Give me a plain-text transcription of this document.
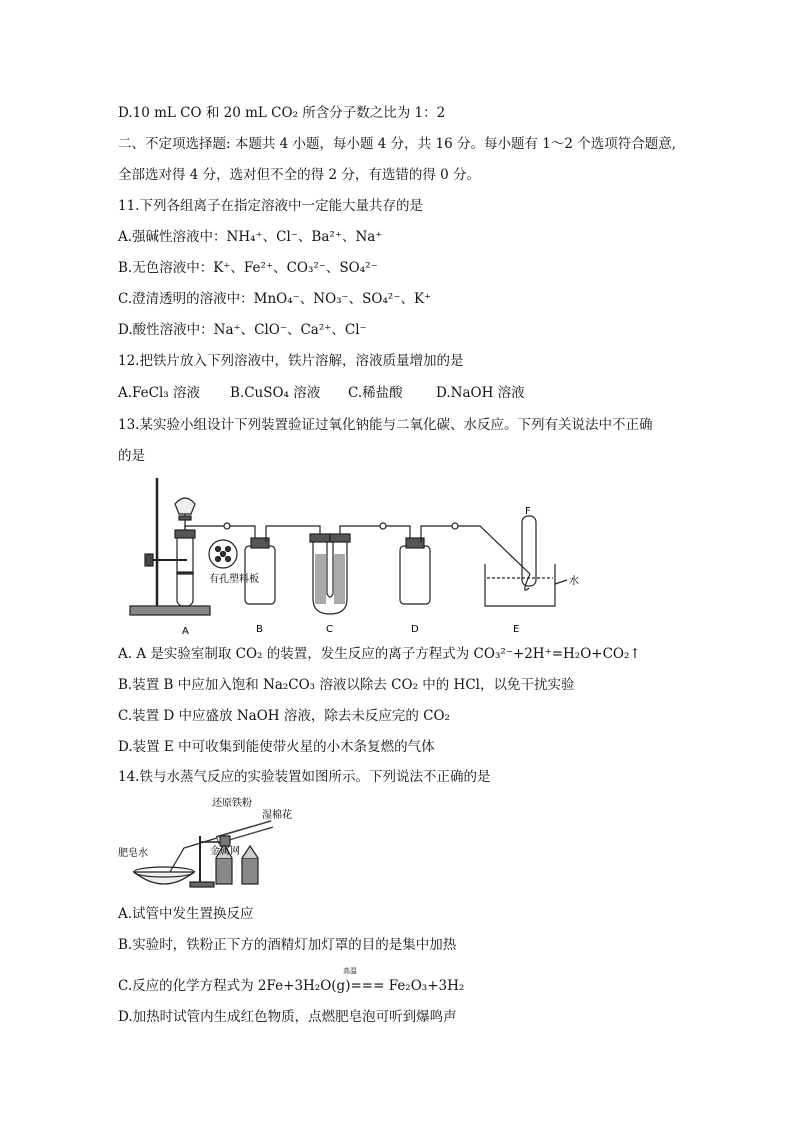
D.10 mL CO 和 20 mL CO₂ 所含分子数之比为 1：2
二、不定项选择题: 本题共 4 小题，每小题 4 分，共 16 分。每小题有 1～2 个选项符合题意,
全部选对得 4 分，选对但不全的得 2 分，有选错的得 0 分。
11.下列各组离子在指定溶液中一定能大量共存的是
A.强碱性溶液中：NH₄⁺、Cl⁻、Ba²⁺、Na⁺
B.无色溶液中：K⁺、Fe²⁺、CO₃²⁻、SO₄²⁻
C.澄清透明的溶液中：MnO₄⁻、NO₃⁻、SO₄²⁻、K⁺
D.酸性溶液中：Na⁺、ClO⁻、Ca²⁺、Cl⁻
12.把铁片放入下列溶液中，铁片溶解，溶液质量增加的是
A.FeCl₃ 溶液 B.CuSO₄ 溶液 C.稀盐酸 D.NaOH 溶液
13.某实验小组设计下列装置验证过氧化钠能与二氧化碳、水反应。下列有关说法中不正确
的是
A	B	C	D	E
F
有孔塑料板	水
A. A 是实验室制取 CO₂ 的装置，发生反应的离子方程式为 CO₃²⁻+2H⁺=H₂O+CO₂↑
B.装置 B 中应加入饱和 Na₂CO₃ 溶液以除去 CO₂ 中的 HCl，以免干扰实验
C.装置 D 中应盛放 NaOH 溶液，除去未反应完的 CO₂
D.装置 E 中可收集到能使带火星的小木条复燃的气体
14.铁与水蒸气反应的实验装置如图所示。下列说法不正确的是
还原铁粉
湿棉花
肥皂水	金属网
A.试管中发生置换反应
B.实验时，铁粉正下方的酒精灯加灯罩的目的是集中加热
高温
C.反应的化学方程式为 2Fe+3H₂O(g)=== Fe₂O₃+3H₂
D.加热时试管内生成红色物质，点燃肥皂泡可听到爆鸣声
